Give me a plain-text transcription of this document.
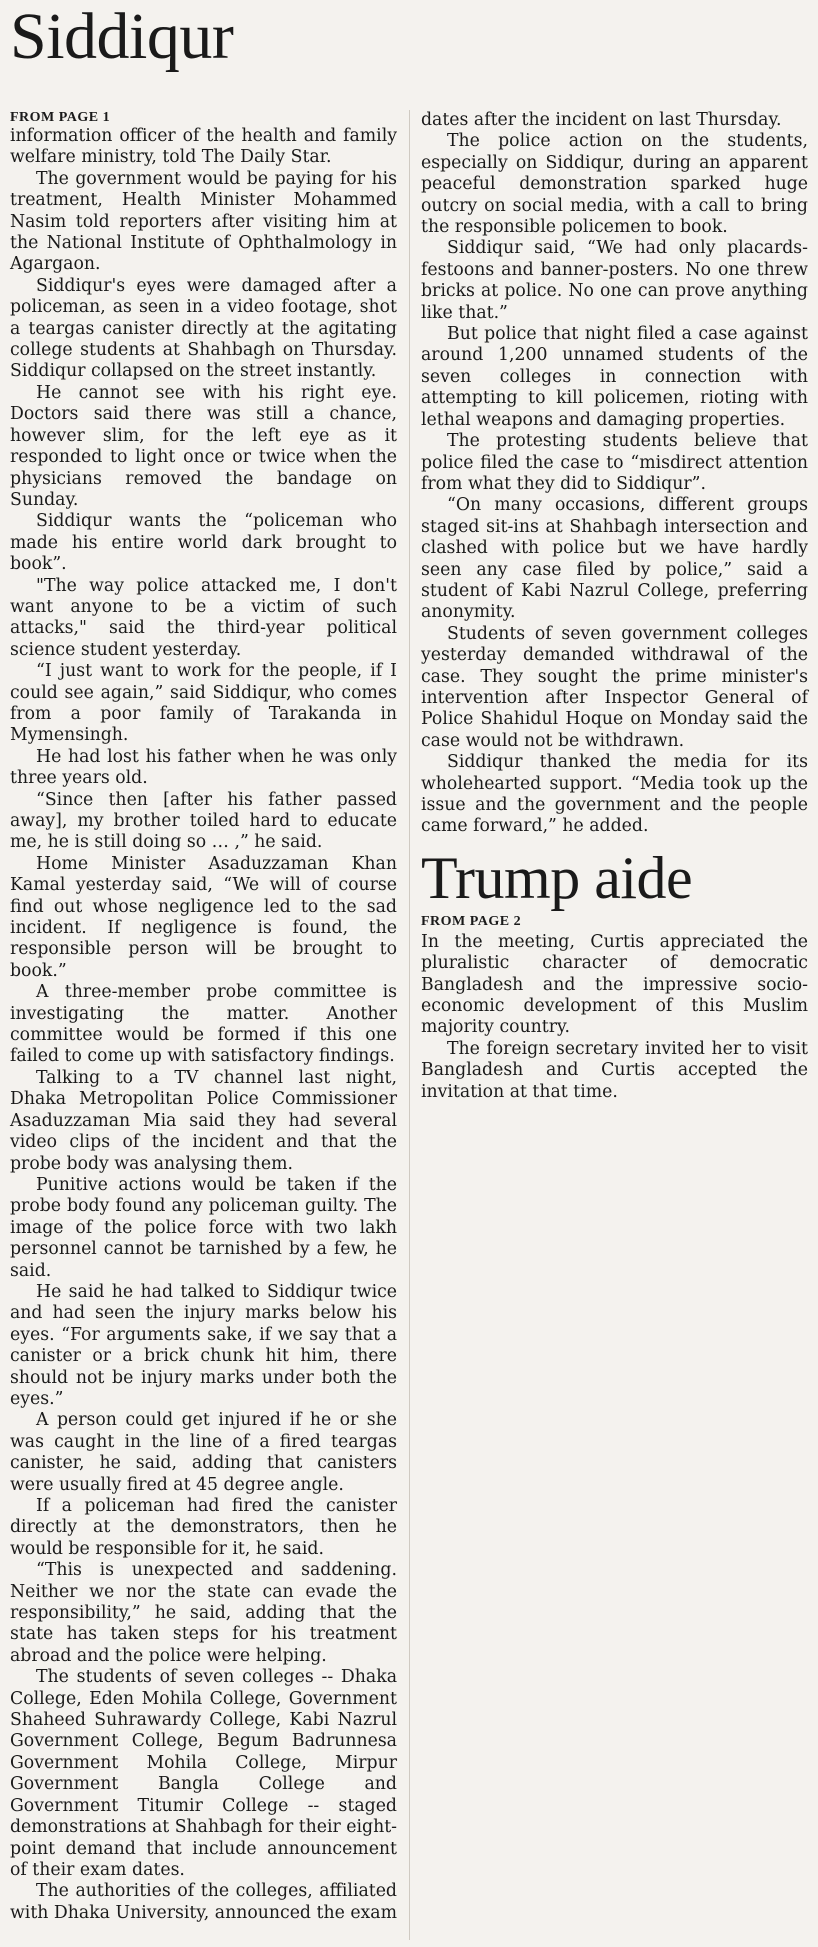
Siddiqur

FROM PAGE 1

information officer of the health and family welfare ministry, told The Daily Star.

The government would be paying for his treatment, Health Minister Mohammed Nasim told reporters after visiting him at the National Institute of Ophthalmology in Agargaon.

Siddiqur's eyes were damaged after a policeman, as seen in a video footage, shot a teargas canister directly at the agitating college students at Shahbagh on Thursday. Siddiqur collapsed on the street instantly.

He cannot see with his right eye. Doctors said there was still a chance, however slim, for the left eye as it responded to light once or twice when the physicians removed the bandage on Sunday.

Siddiqur wants the “policeman who made his entire world dark brought to book”.

"The way police attacked me, I don't want anyone to be a victim of such attacks," said the third-year political science student yesterday.

“I just want to work for the people, if I could see again,” said Siddiqur, who comes from a poor family of Tarakanda in Mymensingh.

He had lost his father when he was only three years old.

“Since then [after his father passed away], my brother toiled hard to educate me, he is still doing so … ,” he said.

Home Minister Asaduzzaman Khan Kamal yesterday said, “We will of course find out whose negligence led to the sad incident. If negligence is found, the responsible person will be brought to book.”

A three-member probe committee is investigating the matter. Another committee would be formed if this one failed to come up with satisfactory findings.

Talking to a TV channel last night, Dhaka Metropolitan Police Commissioner Asaduzzaman Mia said they had several video clips of the incident and that the probe body was analysing them.

Punitive actions would be taken if the probe body found any policeman guilty. The image of the police force with two lakh personnel cannot be tarnished by a few, he said.

He said he had talked to Siddiqur twice and had seen the injury marks below his eyes. “For arguments sake, if we say that a canister or a brick chunk hit him, there should not be injury marks under both the eyes.”

A person could get injured if he or she was caught in the line of a fired teargas canister, he said, adding that canisters were usually fired at 45 degree angle.

If a policeman had fired the canister directly at the demonstrators, then he would be responsible for it, he said.

“This is unexpected and saddening. Neither we nor the state can evade the responsibility,” he said, adding that the state has taken steps for his treatment abroad and the police were helping.

The students of seven colleges -- Dhaka College, Eden Mohila College, Government Shaheed Suhrawardy College, Kabi Nazrul Government College, Begum Badrunnesa Government Mohila College, Mirpur Government Bangla College and Government Titumir College -- staged demonstrations at Shahbagh for their eight-point demand that include announcement of their exam dates.

The authorities of the colleges, affiliated with Dhaka University, announced the exam dates after the incident on last Thursday.

The police action on the students, especially on Siddiqur, during an apparent peaceful demonstration sparked huge outcry on social media, with a call to bring the responsible policemen to book.

Siddiqur said, “We had only placards-festoons and banner-posters. No one threw bricks at police. No one can prove anything like that.”

But police that night filed a case against around 1,200 unnamed students of the seven colleges in connection with attempting to kill policemen, rioting with lethal weapons and damaging properties.

The protesting students believe that police filed the case to “misdirect attention from what they did to Siddiqur”.

“On many occasions, different groups staged sit-ins at Shahbagh intersection and clashed with police but we have hardly seen any case filed by police,” said a student of Kabi Nazrul College, preferring anonymity.

Students of seven government colleges yesterday demanded withdrawal of the case. They sought the prime minister's intervention after Inspector General of Police Shahidul Hoque on Monday said the case would not be withdrawn.

Siddiqur thanked the media for its wholehearted support. “Media took up the issue and the government and the people came forward,” he added.

Trump aide

FROM PAGE 2

In the meeting, Curtis appreciated the pluralistic character of democratic Bangladesh and the impressive socio-economic development of this Muslim majority country.

The foreign secretary invited her to visit Bangladesh and Curtis accepted the invitation at that time.
